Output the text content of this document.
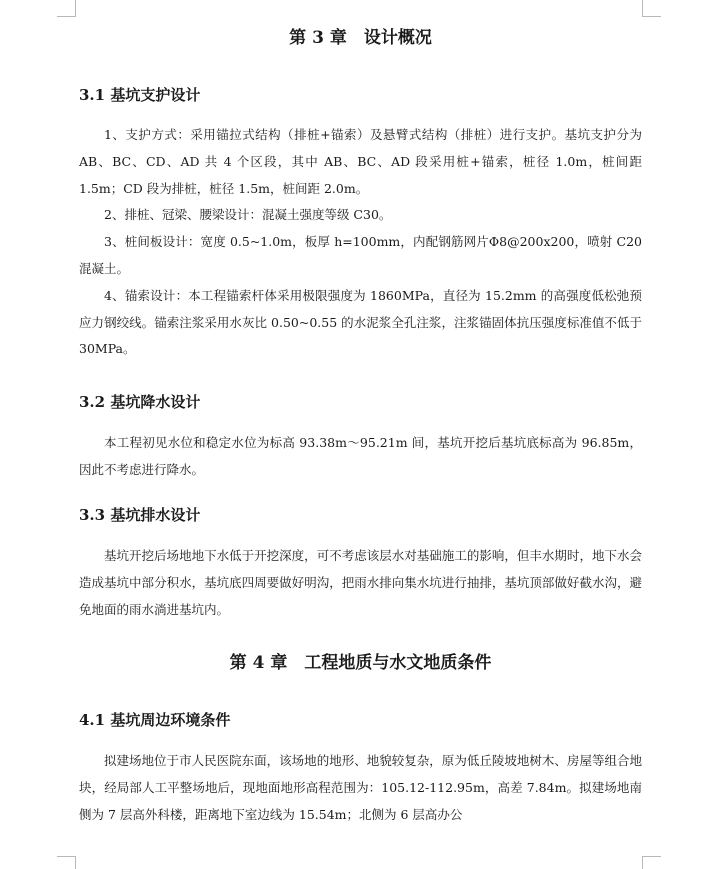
第 3 章　设计概况
3.1 基坑支护设计

1、支护方式：采用锚拉式结构（排桩+锚索）及悬臂式结构（排桩）进行支护。基坑支护分为 AB、BC、CD、AD 共 4 个区段，其中 AB、BC、AD 段采用桩+锚索，桩径 1.0m，桩间距 1.5m；CD 段为排桩，桩径 1.5m，桩间距 2.0m。

2、排桩、冠梁、腰梁设计：混凝土强度等级 C30。

3、桩间板设计：宽度 0.5~1.0m，板厚 h=100mm，内配钢筋网片Φ8@200x200，喷射 C20 混凝土。

4、锚索设计：本工程锚索杆体采用极限强度为 1860MPa，直径为 15.2mm 的高强度低松弛预应力钢绞线。锚索注浆采用水灰比 0.50~0.55 的水泥浆全孔注浆，注浆锚固体抗压强度标准值不低于 30MPa。

3.2 基坑降水设计

本工程初见水位和稳定水位为标高 93.38m～95.21m 间，基坑开挖后基坑底标高为 96.85m，因此不考虑进行降水。

3.3 基坑排水设计

基坑开挖后场地地下水低于开挖深度，可不考虑该层水对基础施工的影响，但丰水期时，地下水会造成基坑中部分积水，基坑底四周要做好明沟，把雨水排向集水坑进行抽排，基坑顶部做好截水沟，避免地面的雨水淌进基坑内。

第 4 章　工程地质与水文地质条件
4.1 基坑周边环境条件

拟建场地位于市人民医院东面，该场地的地形、地貌较复杂，原为低丘陵坡地树木、房屋等组合地块，经局部人工平整场地后，现地面地形高程范围为：105.12-112.95m，高差 7.84m。拟建场地南侧为 7 层高外科楼，距离地下室边线为 15.54m；北侧为 6 层高办公
